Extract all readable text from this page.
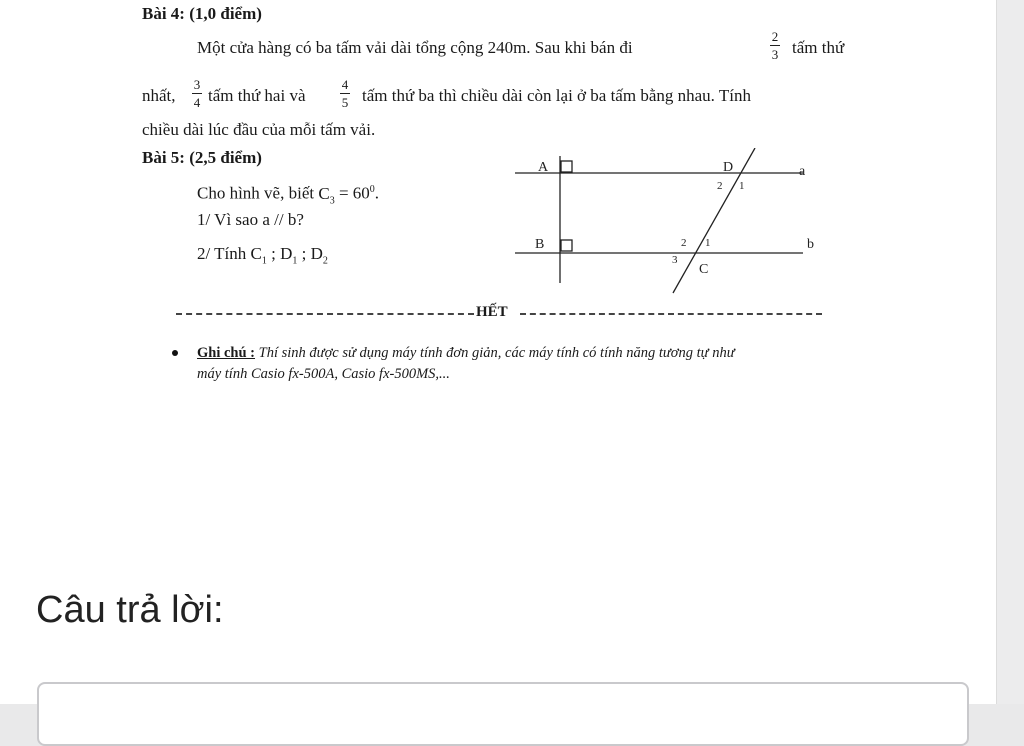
Bài 4: (1,0 điểm)
Một cửa hàng có ba tấm vải dài tổng cộng 240m. Sau khi bán đi
2
3 tấm thứ
nhất,
3
4 tấm thứ hai và
4
5 tấm thứ ba thì chiều dài còn lại ở ba tấm bằng nhau. Tính
chiều dài lúc đầu của mỗi tấm vải.
Bài 5: (2,5 điểm)
Cho hình vẽ, biết $C_3 = 60^0$.
1/ Vì sao a // b?
2/ Tính $C_1$ ; $D_1$ ; $D_2$
A
B
D
C
a
b
2 1
2 1
3
HẾT
Ghi chú : Thí sinh được sử dụng máy tính đơn giản, các máy tính có tính năng tương tự như
máy tính Casio fx-500A, Casio fx-500MS,...
Câu trả lời:
